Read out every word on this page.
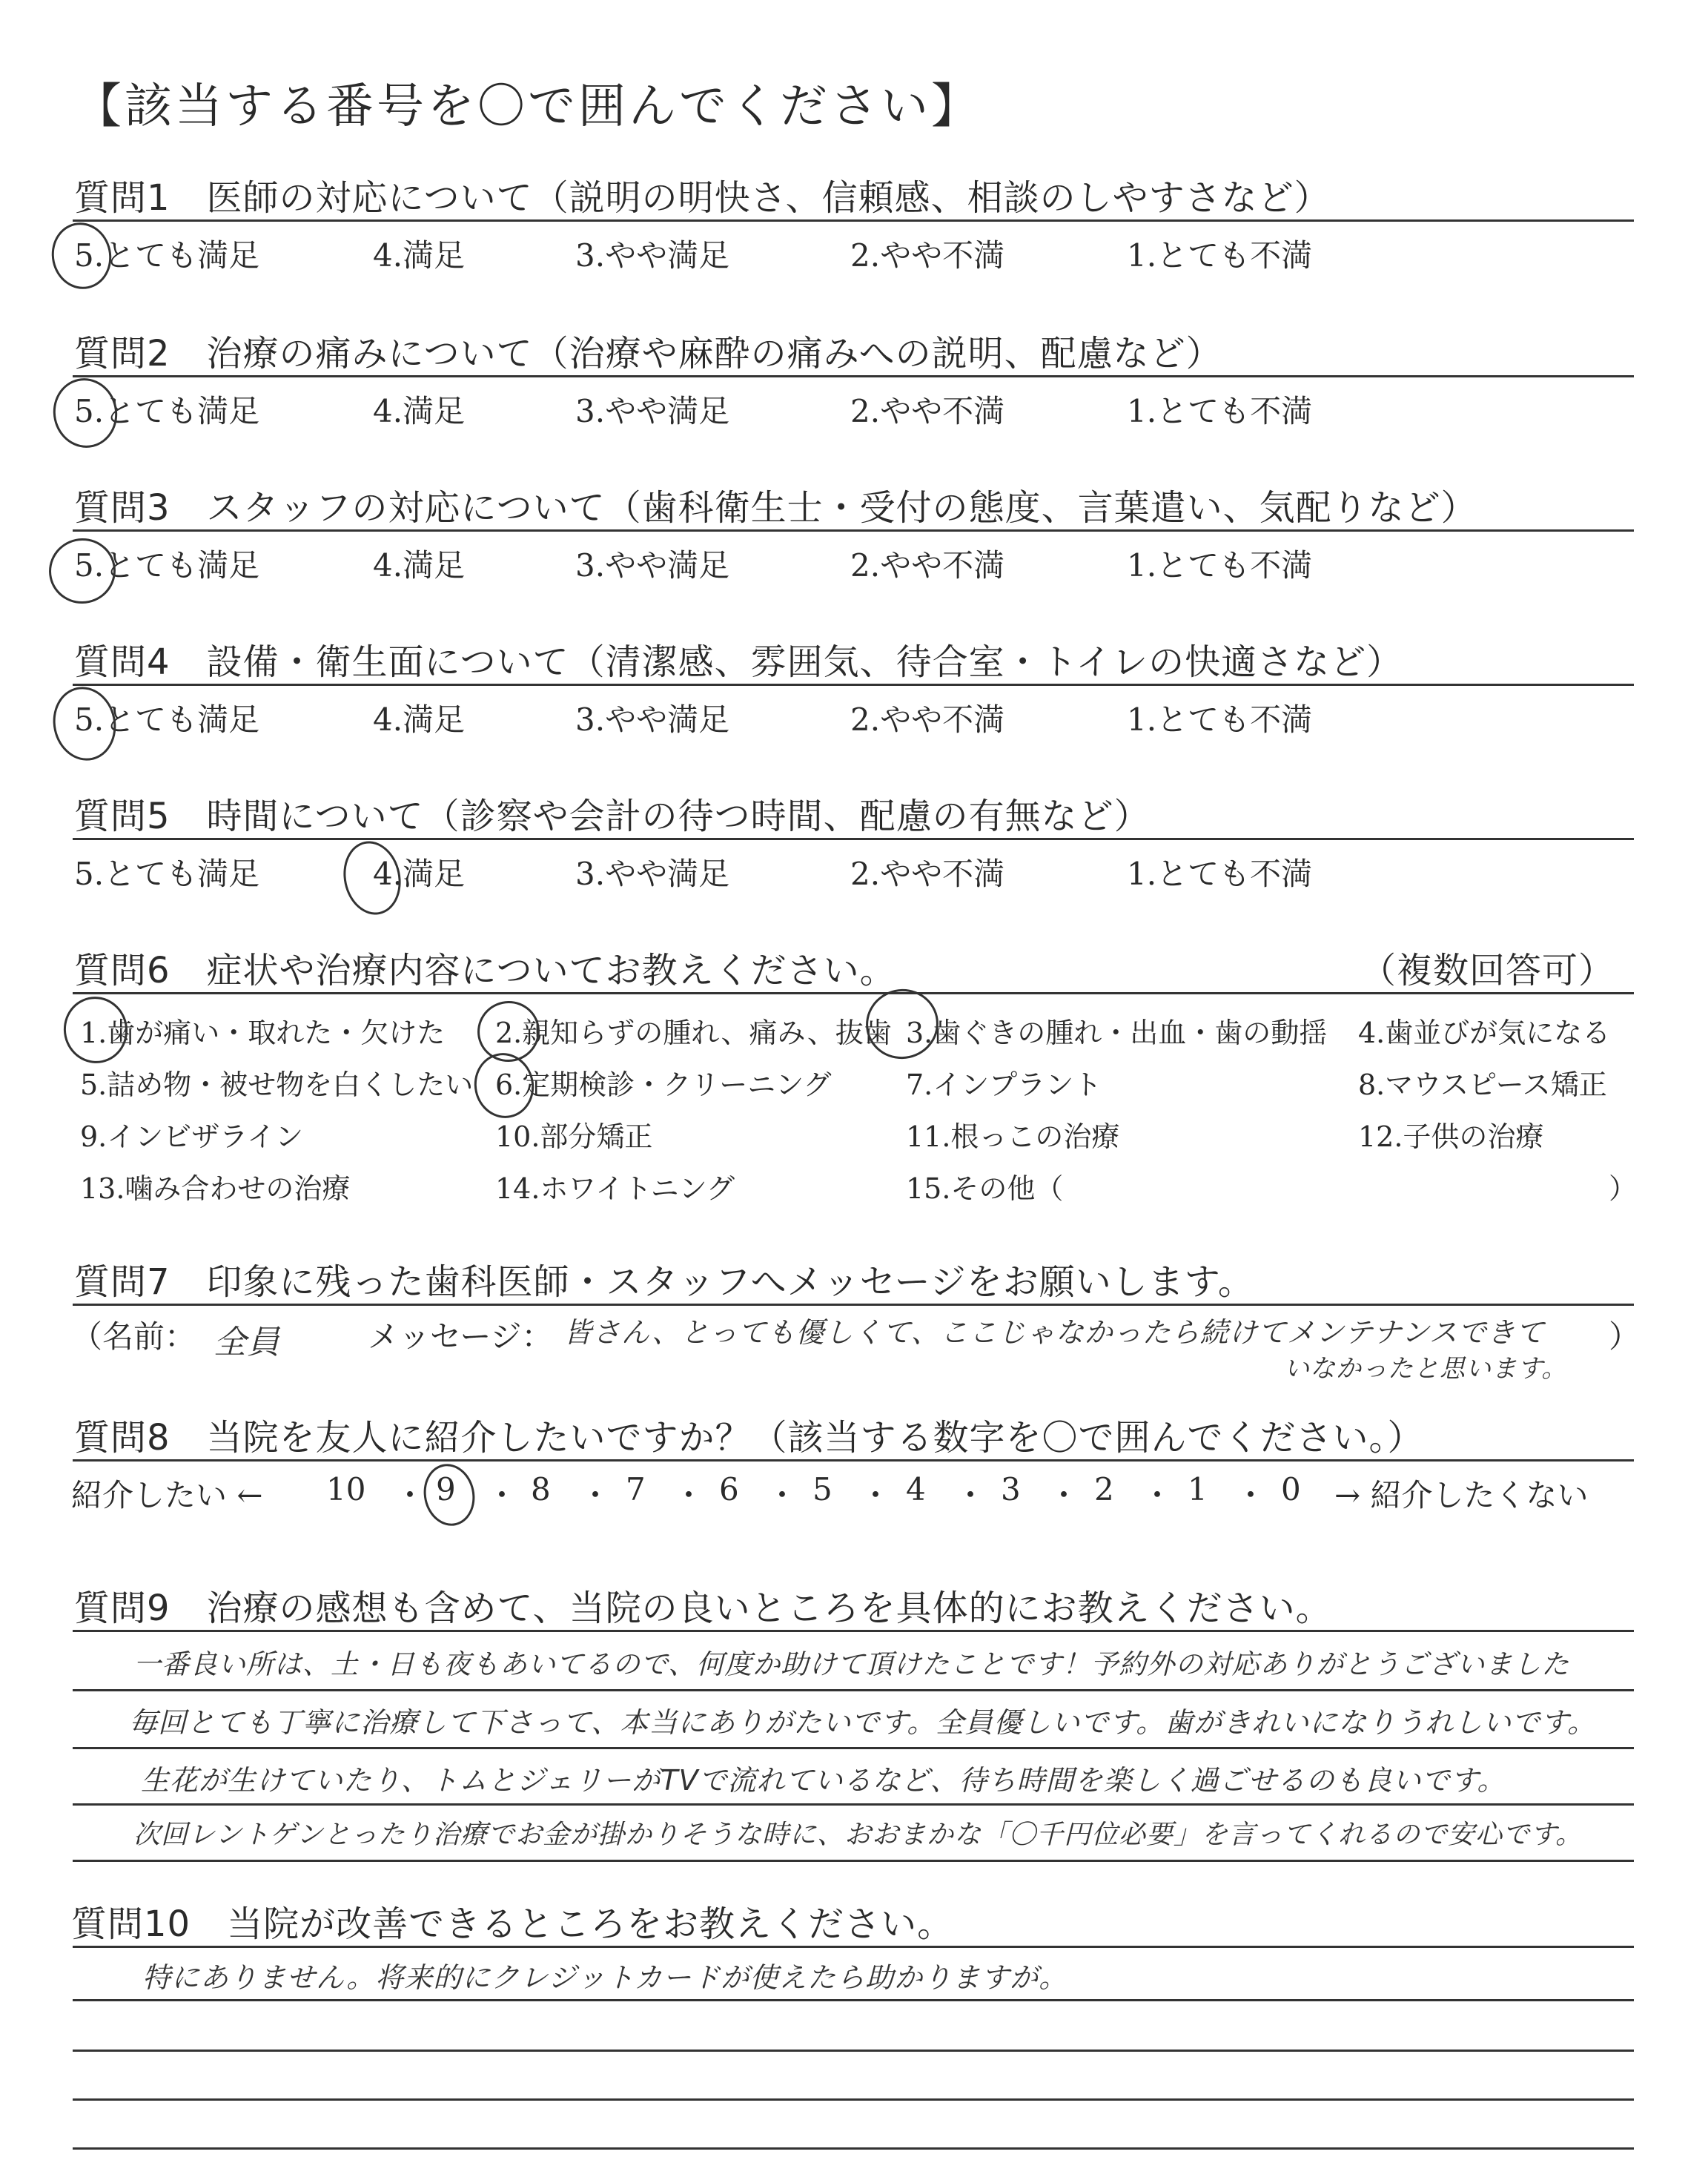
【該当する番号を〇で囲んでください】
質問1　医師の対応について（説明の明快さ、信頼感、相談のしやすさなど）
5.とても満足	4.満足	3.やや満足	2.やや不満	1.とても不満
質問2　治療の痛みについて（治療や麻酔の痛みへの説明、配慮など）
5.とても満足	4.満足	3.やや満足	2.やや不満	1.とても不満
質問3　スタッフの対応について（歯科衛生士・受付の態度、言葉遣い、気配りなど）
5.とても満足	4.満足	3.やや満足	2.やや不満	1.とても不満
質問4　設備・衛生面について（清潔感、雰囲気、待合室・トイレの快適さなど）
5.とても満足	4.満足	3.やや満足	2.やや不満	1.とても不満
質問5　時間について（診察や会計の待つ時間、配慮の有無など）
5.とても満足	4.満足	3.やや満足	2.やや不満	1.とても不満
質問6　症状や治療内容についてお教えください。	（複数回答可）
1.歯が痛い・取れた・欠けた 2.親知らずの腫れ、痛み、抜歯 3.歯ぐきの腫れ・出血・歯の動揺 4.歯並びが気になる
5.詰め物・被せ物を白くしたい 6.定期検診・クリーニング	7.インプラント	8.マウスピース矯正
9.インビザライン	10.部分矯正	11.根っこの治療	12.子供の治療
13.噛み合わせの治療	14.ホワイトニング	15.その他（	）
質問7　印象に残った歯科医師・スタッフへメッセージをお願いします。
（名前： 全員	メッセージ： 皆さん、とっても優しくて、ここじゃなかったら続けてメンテナンスできて
いなかったと思います。
）
質問8　当院を友人に紹介したいですか？（該当する数字を〇で囲んでください。）
紹介したい ← 10 ・ 9 ・ 8 ・ 7 ・ 6 ・ 5 ・ 4 ・ 3 ・ 2 ・ 1 ・ 0 → 紹介したくない
質問9　治療の感想も含めて、当院の良いところを具体的にお教えください。
一番良い所は、土・日も夜もあいてるので、何度か助けて頂けたことです！予約外の対応ありがとうございました
毎回とても丁寧に治療して下さって、本当にありがたいです。全員優しいです。歯がきれいになりうれしいです。
生花が生けていたり、トムとジェリーがTVで流れているなど、待ち時間を楽しく過ごせるのも良いです。
次回レントゲンとったり治療でお金が掛かりそうな時に、おおまかな「〇千円位必要」を言ってくれるので安心です。
質問10　当院が改善できるところをお教えください。
特にありません。将来的にクレジットカードが使えたら助かりますが。
